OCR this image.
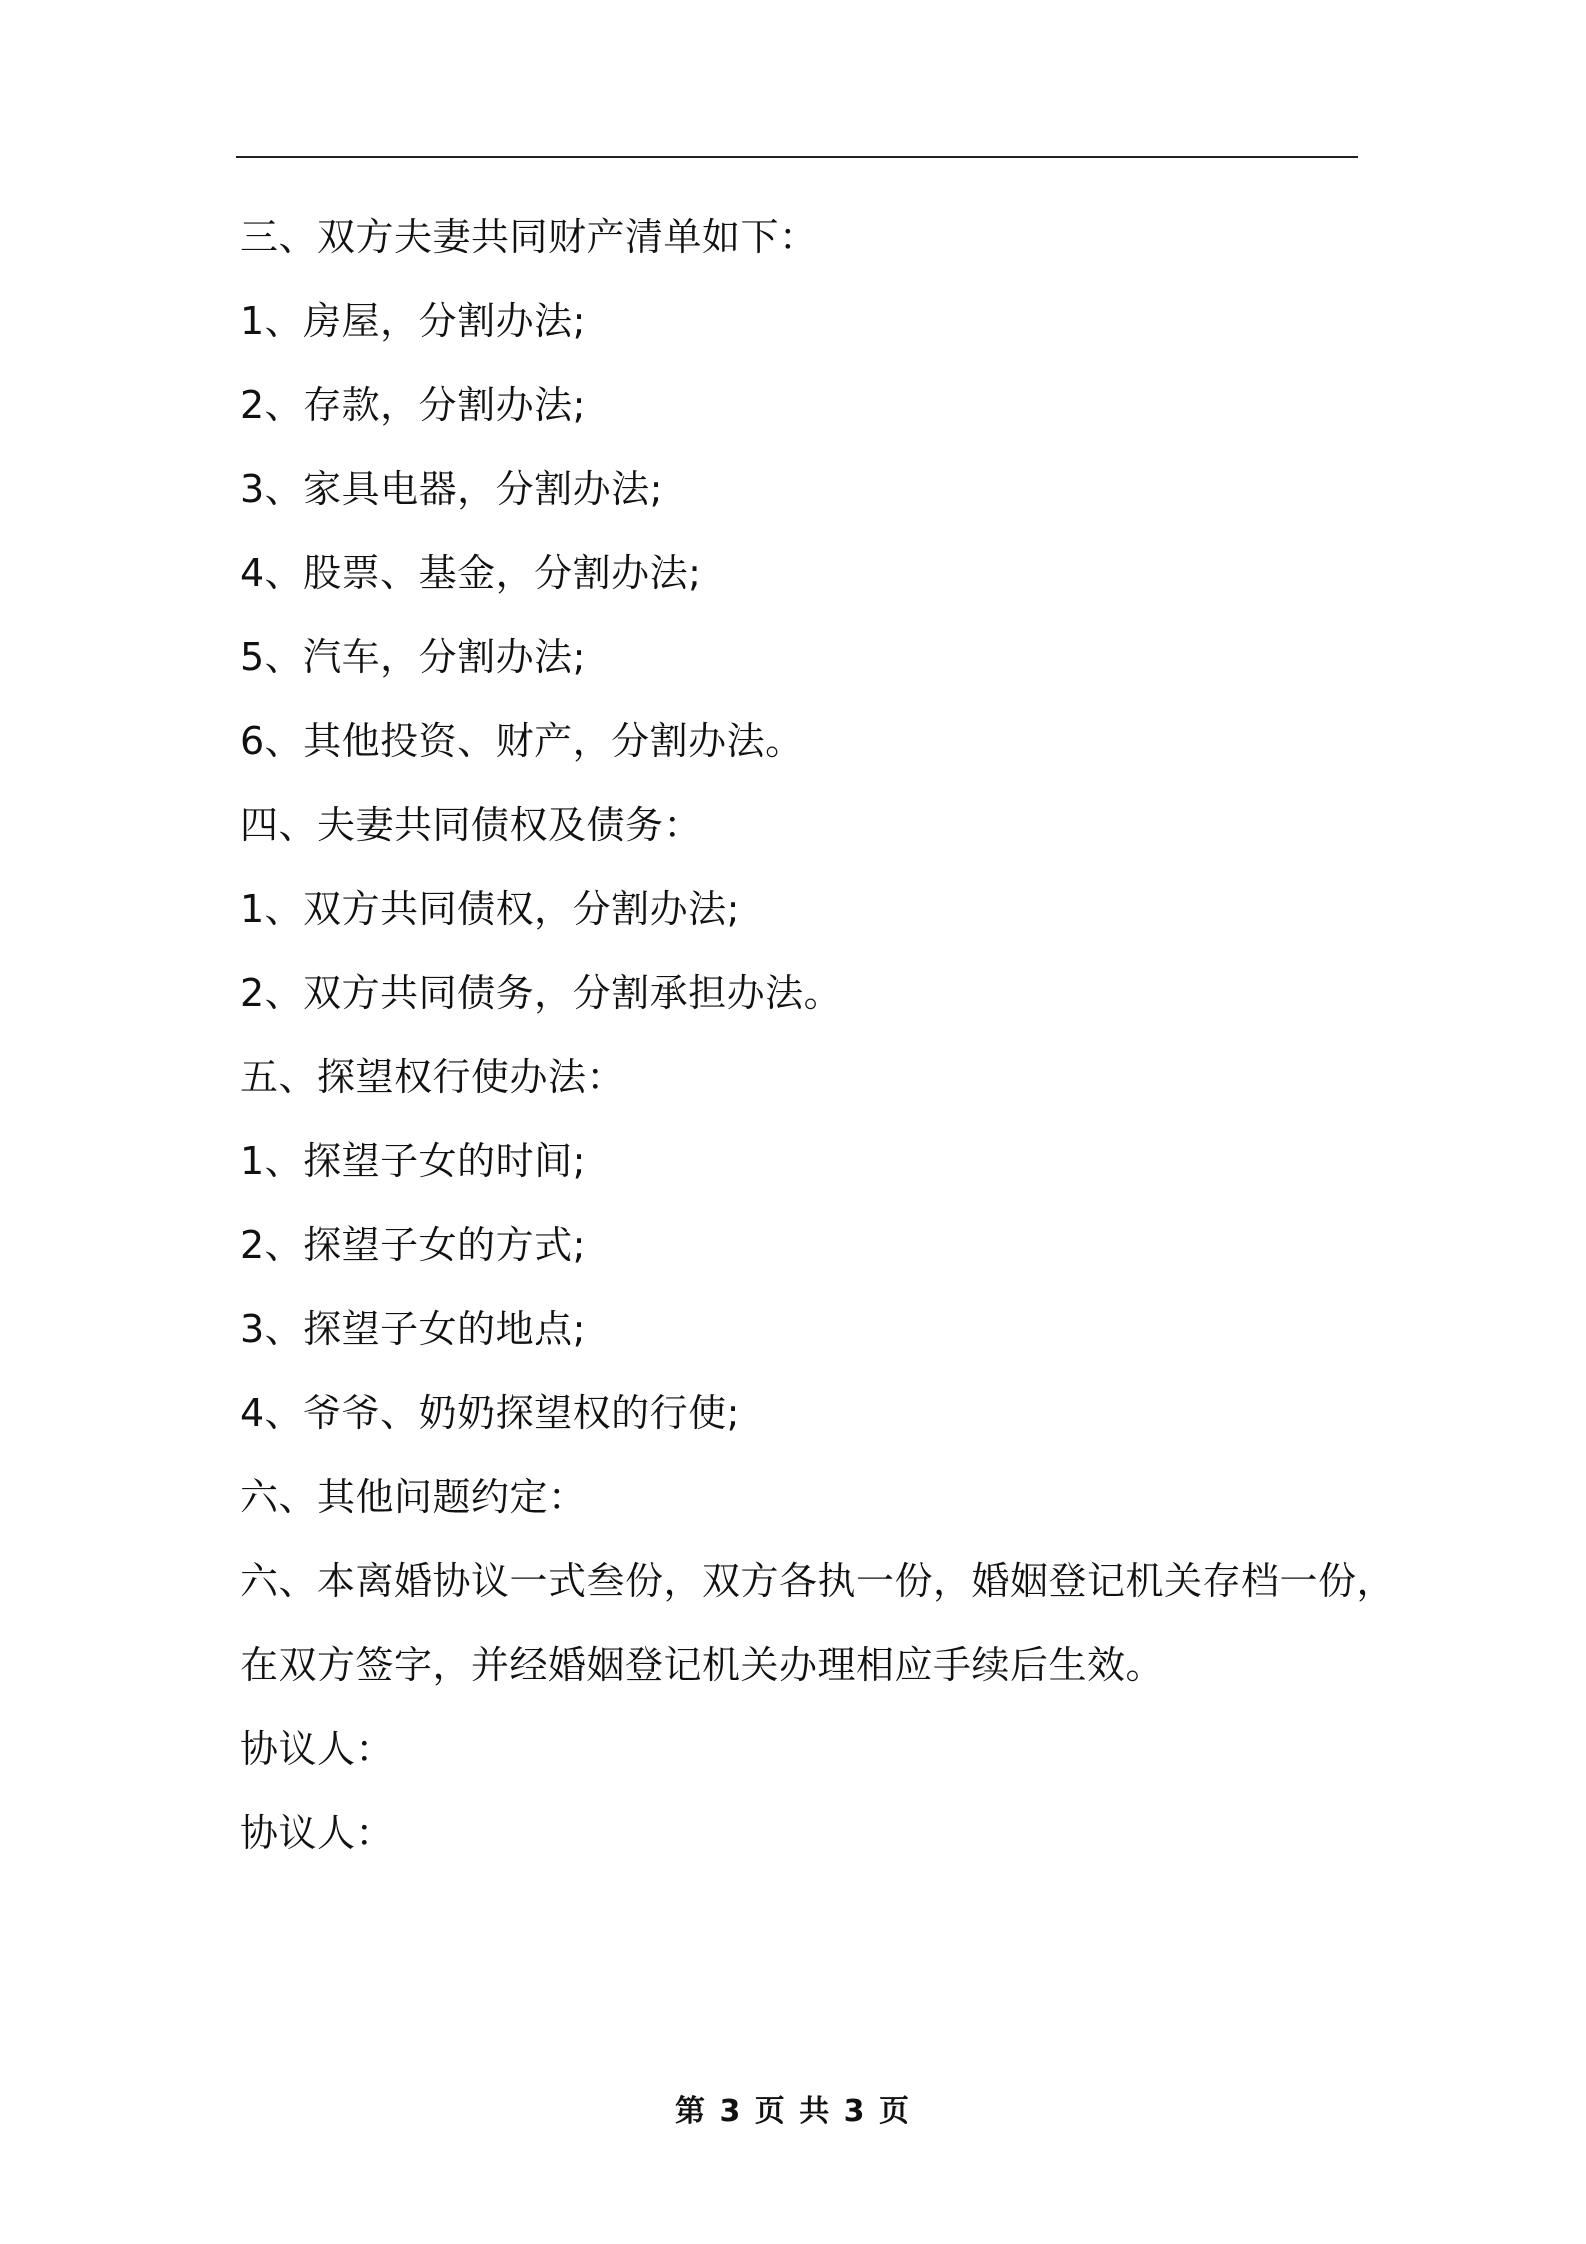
三、双方夫妻共同财产清单如下：
1、房屋，分割办法;
2、存款，分割办法;
3、家具电器，分割办法;
4、股票、基金，分割办法;
5、汽车，分割办法;
6、其他投资、财产，分割办法。
四、夫妻共同债权及债务：
1、双方共同债权，分割办法;
2、双方共同债务，分割承担办法。
五、探望权行使办法：
1、探望子女的时间;
2、探望子女的方式;
3、探望子女的地点;
4、爷爷、奶奶探望权的行使;
六、其他问题约定：
六、本离婚协议一式叁份，双方各执一份，婚姻登记机关存档一份，
在双方签字，并经婚姻登记机关办理相应手续后生效。
协议人：
协议人：
第 3 页 共 3 页
